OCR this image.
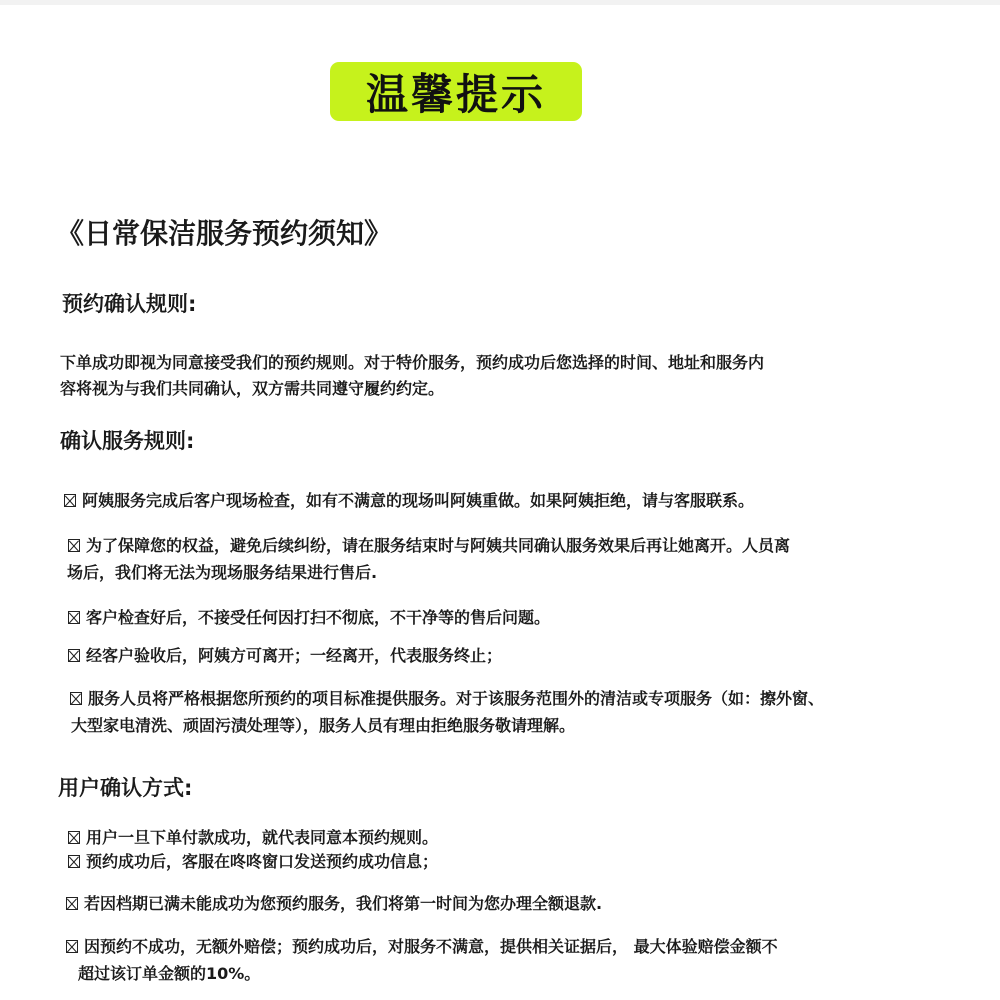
温馨提示
《日常保洁服务预约须知》
预约确认规则:
下单成功即视为同意接受我们的预约规则。对于特价服务，预约成功后您选择的时间、地址和服务内
容将视为与我们共同确认，双方需共同遵守履约约定。
确认服务规则:
阿姨服务完成后客户现场检查，如有不满意的现场叫阿姨重做。如果阿姨拒绝，请与客服联系。
为了保障您的权益，避免后续纠纷，请在服务结束时与阿姨共同确认服务效果后再让她离开。人员离
场后，我们将无法为现场服务结果进行售后.
客户检查好后，不接受任何因打扫不彻底，不干净等的售后问题。
经客户验收后，阿姨方可离开；一经离开，代表服务终止；
服务人员将严格根据您所预约的项目标准提供服务。对于该服务范围外的清洁或专项服务（如：擦外窗、
大型家电清洗、顽固污渍处理等），服务人员有理由拒绝服务敬请理解。
用户确认方式:
用户一旦下单付款成功，就代表同意本预约规则。
预约成功后，客服在咚咚窗口发送预约成功信息；
若因档期已满未能成功为您预约服务，我们将第一时间为您办理全额退款.
因预约不成功，无额外赔偿；预约成功后，对服务不满意，提供相关证据后， 最大体验赔偿金额不
超过该订单金额的10%。
